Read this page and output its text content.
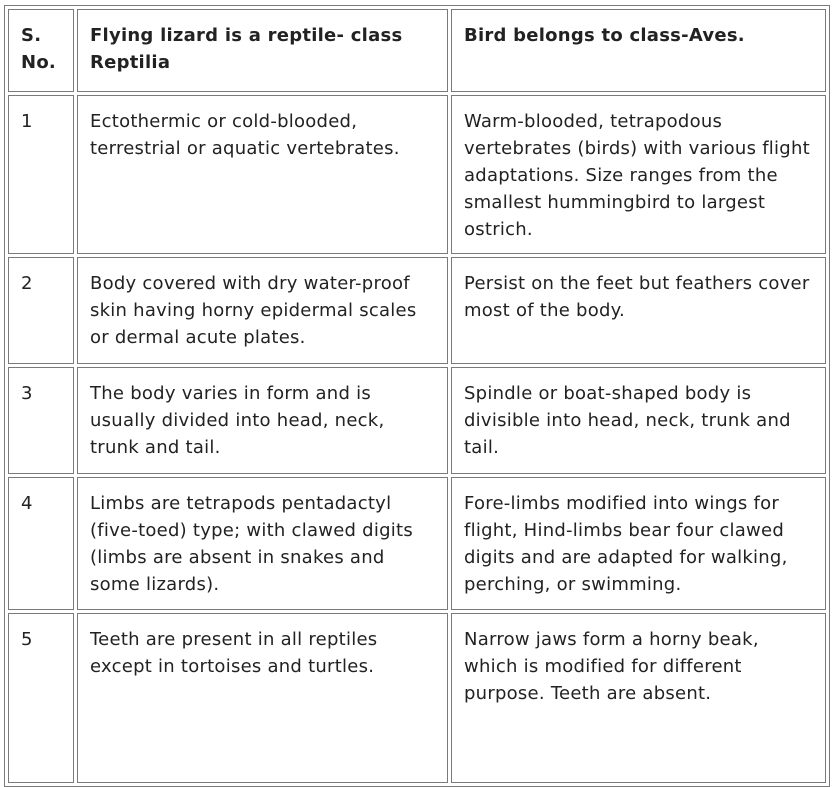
S. No.	Flying lizard is a reptile- class Reptilia	Bird belongs to class-Aves.
1	Ectothermic or cold-blooded, terrestrial or aquatic vertebrates.	Warm-blooded, tetrapodous vertebrates (birds) with various flight adaptations. Size ranges from the smallest hummingbird to largest ostrich.
2	Body covered with dry water-proof skin having horny epidermal scales or dermal acute plates.	Persist on the feet but feathers cover most of the body.
3	The body varies in form and is usually divided into head, neck, trunk and tail.	Spindle or boat-shaped body is divisible into head, neck, trunk and tail.
4	Limbs are tetrapods pentadactyl (five-toed) type; with clawed digits (limbs are absent in snakes and some lizards).	Fore-limbs modified into wings for flight, Hind-limbs bear four clawed digits and are adapted for walking, perching, or swimming.
5	Teeth are present in all reptiles except in tortoises and turtles.	Narrow jaws form a horny beak, which is modified for different purpose. Teeth are absent.
